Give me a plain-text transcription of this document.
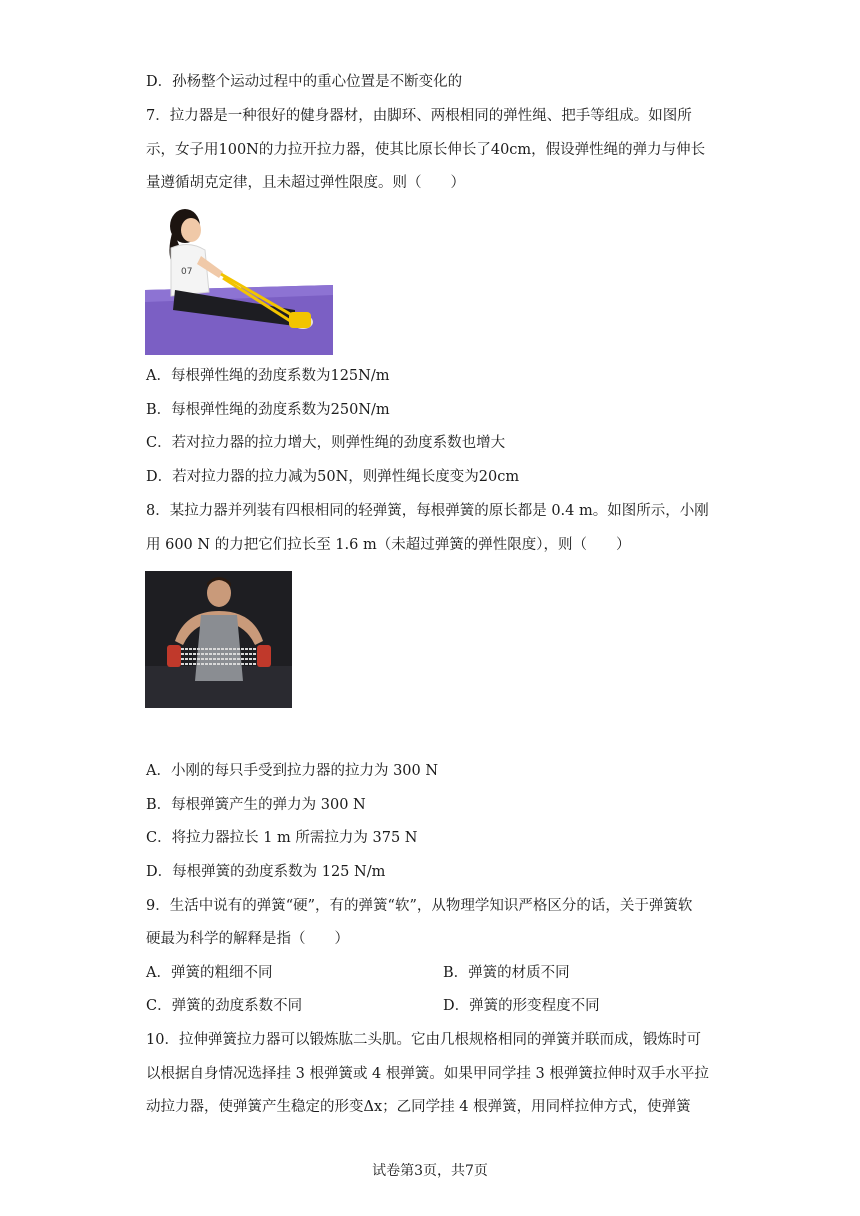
D．孙杨整个运动过程中的重心位置是不断变化的
7．拉力器是一种很好的健身器材，由脚环、两根相同的弹性绳、把手等组成。如图所
示，女子用100N的力拉开拉力器，使其比原长伸长了40cm，假设弹性绳的弹力与伸长
量遵循胡克定律，且未超过弹性限度。则（　　）
07
A．每根弹性绳的劲度系数为125N/m
B．每根弹性绳的劲度系数为250N/m
C．若对拉力器的拉力增大，则弹性绳的劲度系数也增大
D．若对拉力器的拉力减为50N，则弹性绳长度变为20cm
8．某拉力器并列装有四根相同的轻弹簧，每根弹簧的原长都是 0.4 m。如图所示，小刚
用 600 N 的力把它们拉长至 1.6 m（未超过弹簧的弹性限度），则（　　）
A．小刚的每只手受到拉力器的拉力为 300 N
B．每根弹簧产生的弹力为 300 N
C．将拉力器拉长 1 m 所需拉力为 375 N
D．每根弹簧的劲度系数为 125 N/m
9．生活中说有的弹簧“硬”，有的弹簧“软”，从物理学知识严格区分的话，关于弹簧软
硬最为科学的解释是指（　　）
A．弹簧的粗细不同	B．弹簧的材质不同
C．弹簧的劲度系数不同	D．弹簧的形变程度不同
10．拉伸弹簧拉力器可以锻炼肱二头肌。它由几根规格相同的弹簧并联而成，锻炼时可
以根据自身情况选择挂 3 根弹簧或 4 根弹簧。如果甲同学挂 3 根弹簧拉伸时双手水平拉
动拉力器，使弹簧产生稳定的形变Δx；乙同学挂 4 根弹簧，用同样拉伸方式，使弹簧
试卷第3页，共7页
